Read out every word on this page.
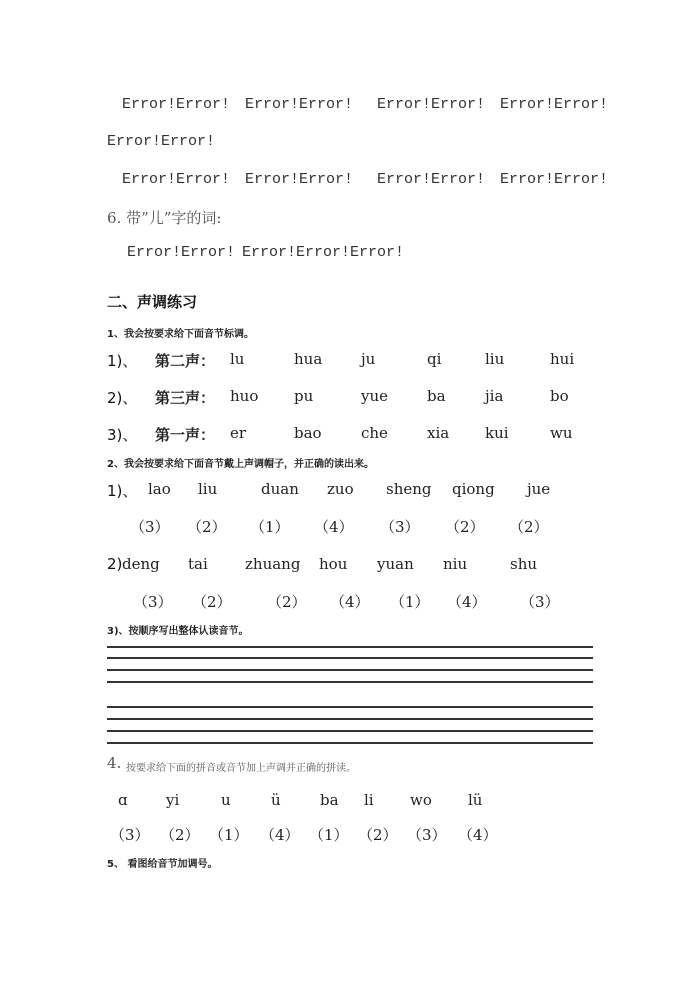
Error!Error! Error!Error! Error!Error! Error!Error!
Error!Error!
Error!Error! Error!Error! Error!Error! Error!Error!
6. 带”儿”字的词:
Error!Error! Error!Error!Error!
二、声调练习
1、我会按要求给下面音节标调。
1)、 第二声： lu	hua	ju	qi	liu	hui
2)、 第三声： huo pu	yue	ba	jia	bo
3)、 第一声： er	bao	che	xia kui	wu
2、我会按要求给下面音节戴上声调帽子，并正确的读出来。
1)、 lao liu	duan zuo sheng qiong jue
（3） （2） （1） （4） （3） （2） （2）
2) deng tai zhuang hou yuan niu	shu
（3） （2） （2） （4） （1） （4） （3）
3)、按顺序写出整体认读音节。
4. 按要求给下面的拼音或音节加上声调并正确的拼读。
ɑ	yi	u	ü	ba li wo lü
（3） （2） （1） （4） （1） （2） （3） （4）
5、 看图给音节加调号。
